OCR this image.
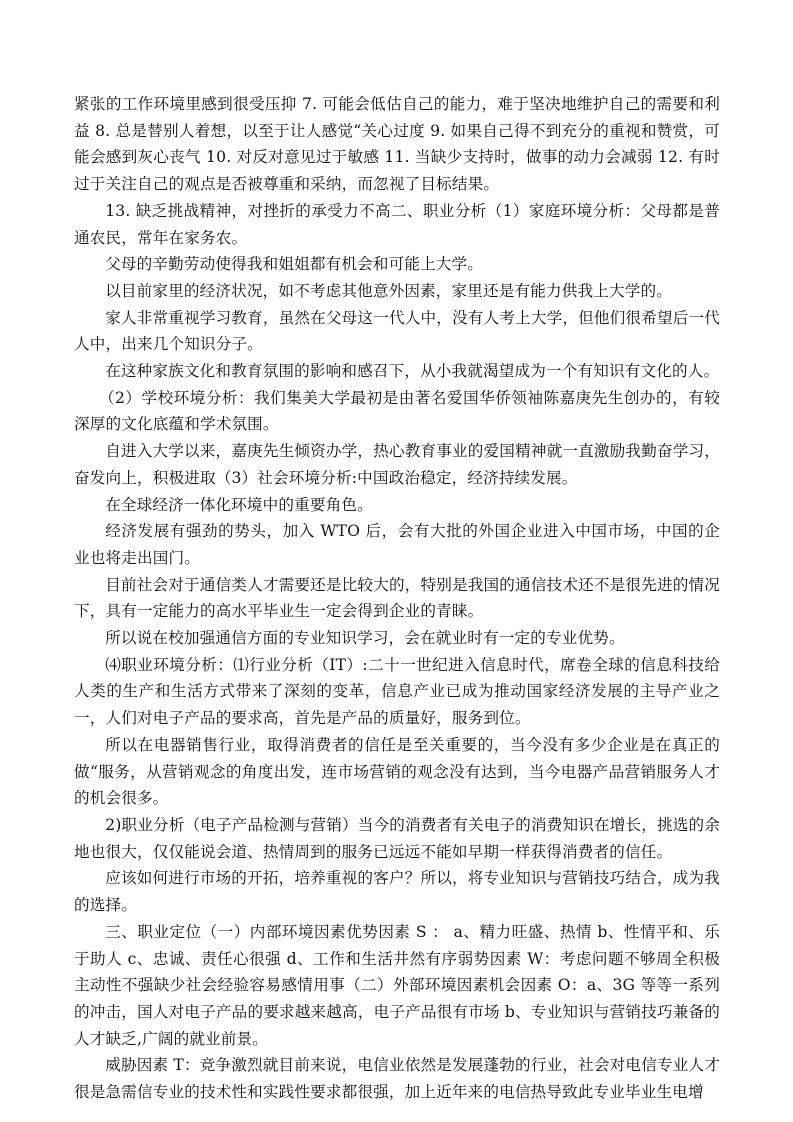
紧张的工作环境里感到很受压抑 7. 可能会低估自己的能力，难于坚决地维护自己的需要和利益 8. 总是替别人着想，以至于让人感觉“关心过度 9. 如果自己得不到充分的重视和赞赏，可能会感到灰心丧气 10. 对反对意见过于敏感 11. 当缺少支持时，做事的动力会减弱 12. 有时过于关注自己的观点是否被尊重和采纳，而忽视了目标结果。

13. 缺乏挑战精神，对挫折的承受力不高二、职业分析（1）家庭环境分析：父母都是普通农民，常年在家务农。

父母的辛勤劳动使得我和姐姐都有机会和可能上大学。

以目前家里的经济状况，如不考虑其他意外因素，家里还是有能力供我上大学的。

家人非常重视学习教育，虽然在父母这一代人中，没有人考上大学，但他们很希望后一代人中，出来几个知识分子。

在这种家族文化和教育氛围的影响和感召下，从小我就渴望成为一个有知识有文化的人。

（2）学校环境分析：我们集美大学最初是由著名爱国华侨领袖陈嘉庚先生创办的，有较深厚的文化底蕴和学术氛围。

自进入大学以来，嘉庚先生倾资办学，热心教育事业的爱国精神就一直激励我勤奋学习，奋发向上，积极进取（3）社会环境分析:中国政治稳定，经济持续发展。

在全球经济一体化环境中的重要角色。

经济发展有强劲的势头，加入 WTO 后，会有大批的外国企业进入中国市场，中国的企业也将走出国门。

目前社会对于通信类人才需要还是比较大的，特别是我国的通信技术还不是很先进的情况下，具有一定能力的高水平毕业生一定会得到企业的青睐。

所以说在校加强通信方面的专业知识学习，会在就业时有一定的专业优势。

⑷职业环境分析：⑴行业分析（IT）:二十一世纪进入信息时代，席卷全球的信息科技给人类的生产和生活方式带来了深刻的变革，信息产业已成为推动国家经济发展的主导产业之一，人们对电子产品的要求高，首先是产品的质量好，服务到位。

所以在电器销售行业，取得消费者的信任是至关重要的，当今没有多少企业是在真正的做“服务，从营销观念的角度出发，连市场营销的观念没有达到，当今电器产品营销服务人才的机会很多。

2)职业分析（电子产品检测与营销）当今的消费者有关电子的消费知识在增长，挑选的余地也很大，仅仅能说会道、热情周到的服务已远远不能如早期一样获得消费者的信任。

应该如何进行市场的开拓，培养重视的客户？所以，将专业知识与营销技巧结合，成为我的选择。

三、职业定位（一）内部环境因素优势因素 S ： a、精力旺盛、热情 b、性情平和、乐于助人 c、忠诚、责任心很强 d、工作和生活井然有序弱势因素 W：考虑问题不够周全积极主动性不强缺少社会经验容易感情用事（二）外部环境因素机会因素 O：a、3G 等等一系列的冲击，国人对电子产品的要求越来越高，电子产品很有市场 b、专业知识与营销技巧兼备的人才缺乏,广阔的就业前景。

威胁因素 T：竞争激烈就目前来说，电信业依然是发展蓬勃的行业，社会对电信专业人才很是急需信专业的技术性和实践性要求都很强，加上近年来的电信热导致此专业毕业生电增
